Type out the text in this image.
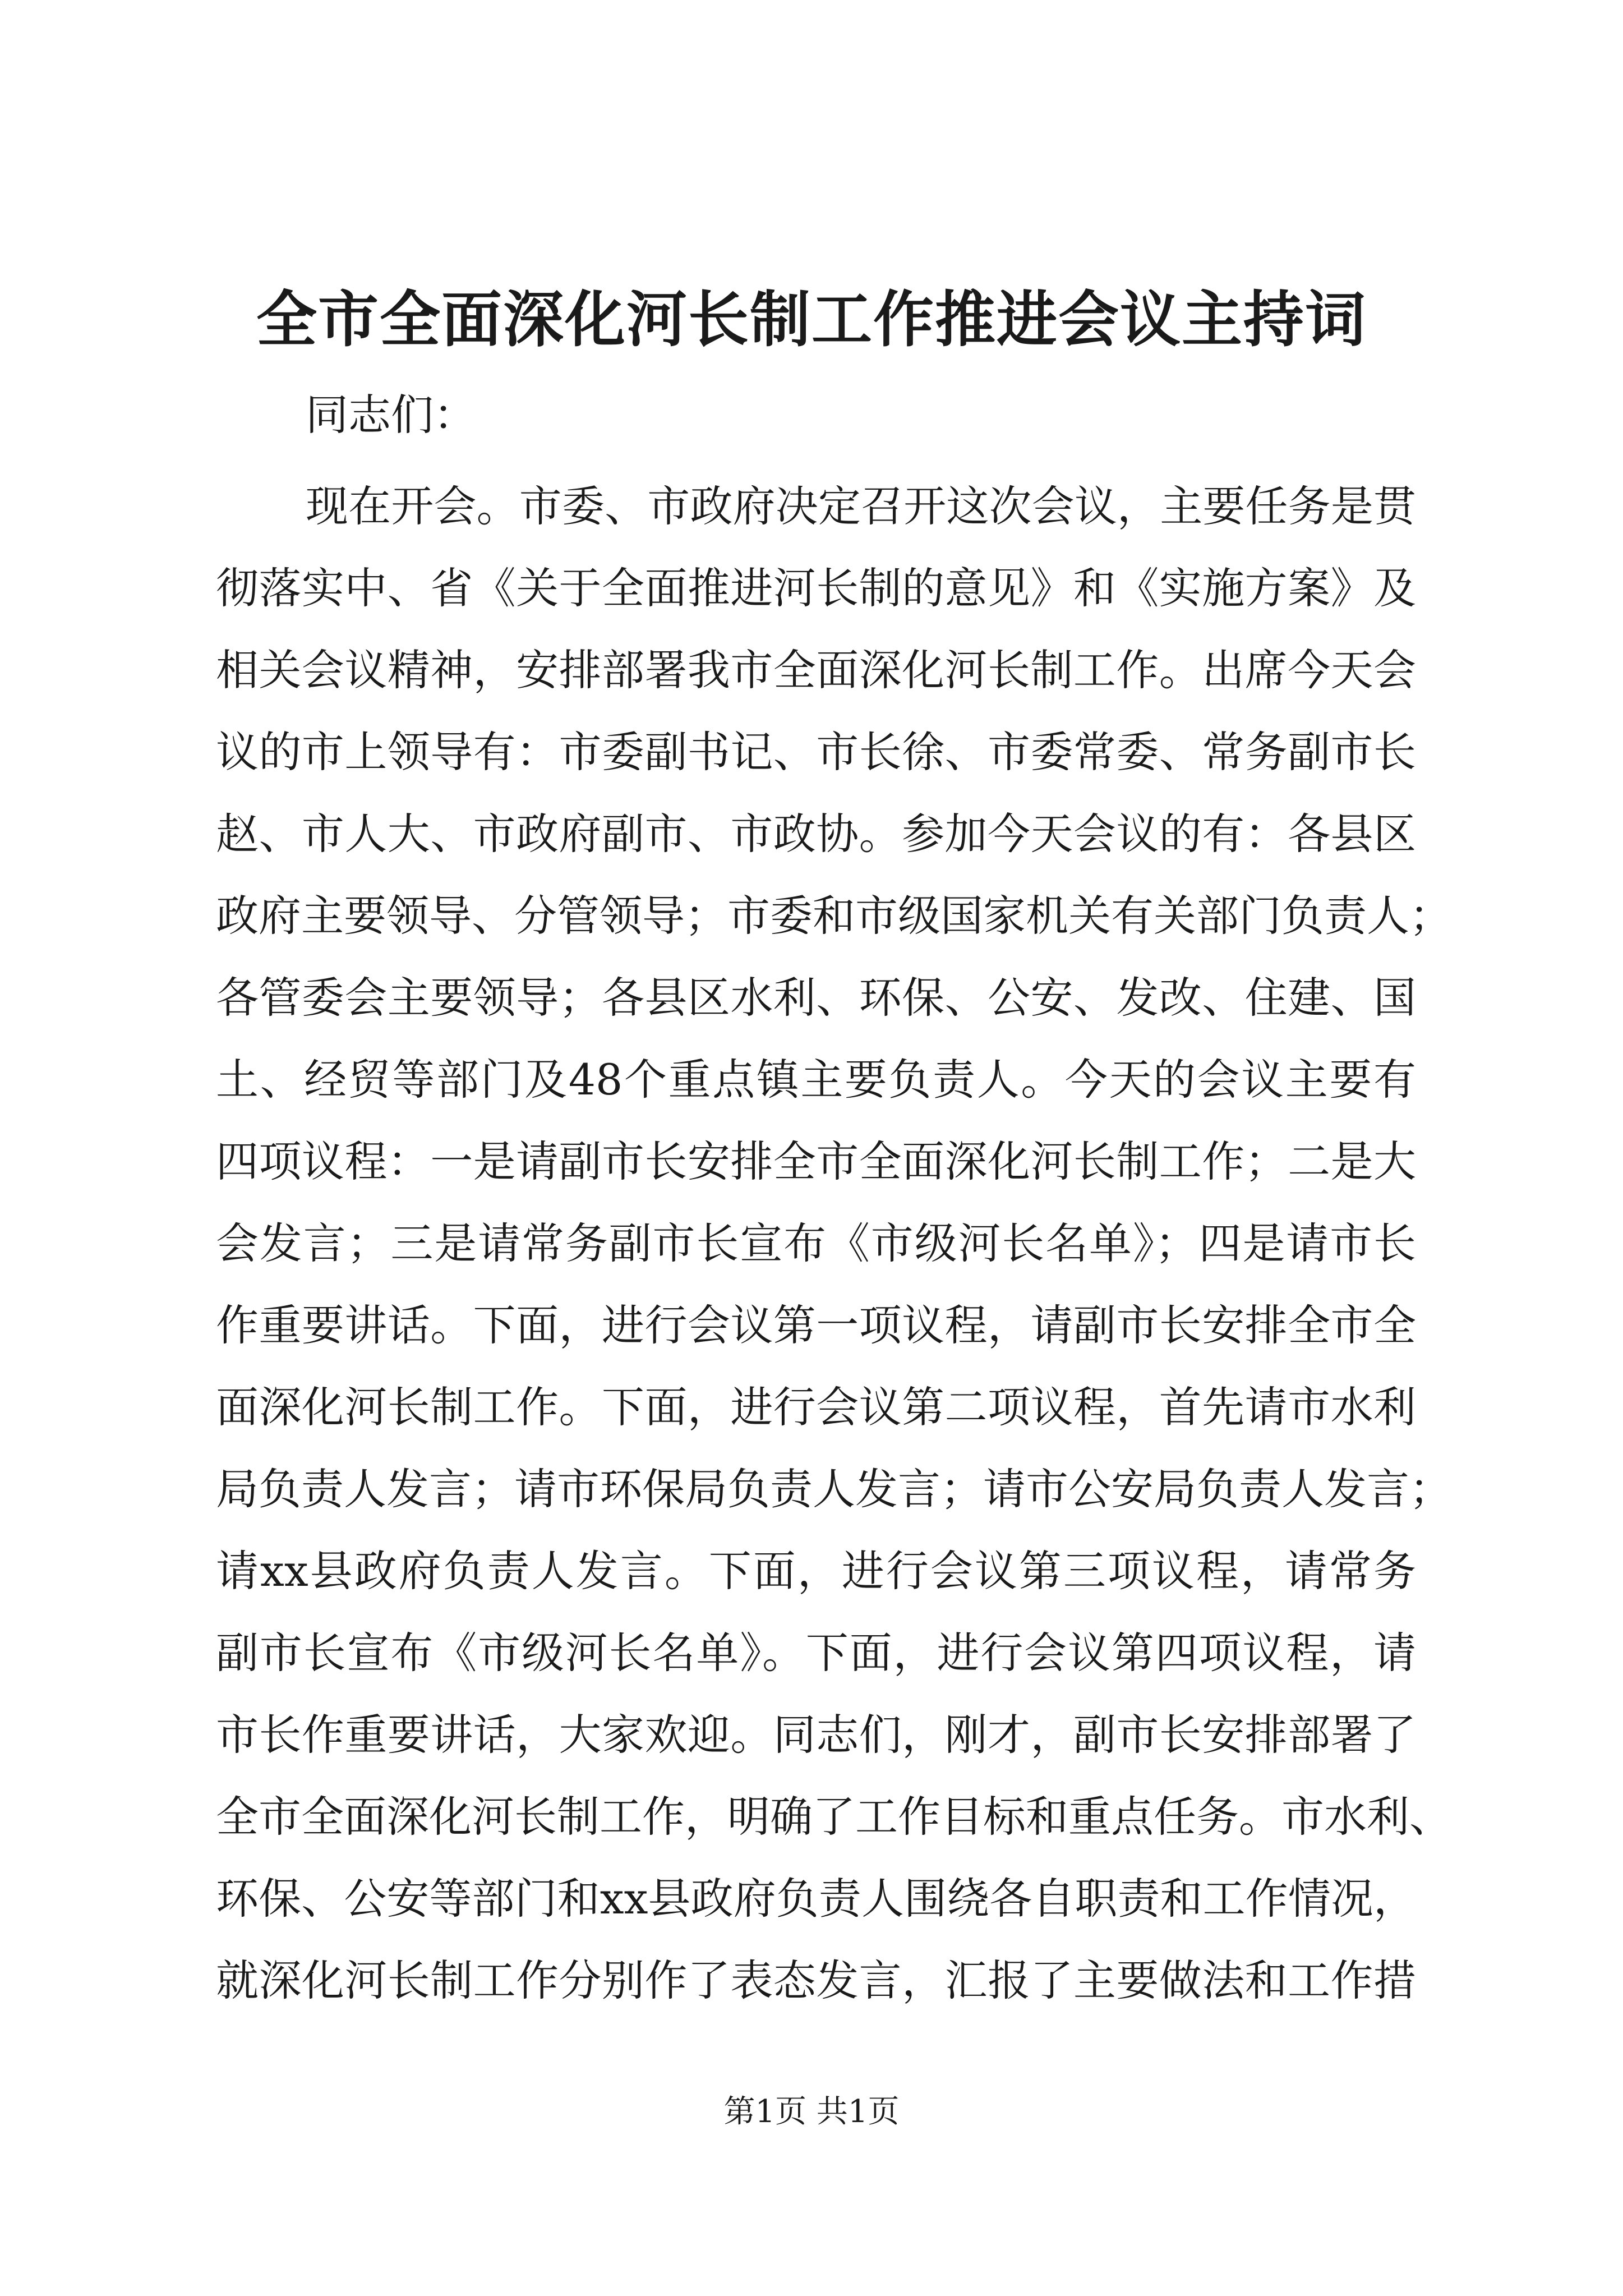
全市全面深化河长制工作推进会议主持词
同志们：
现在开会。市委、市政府决定召开这次会议，主要任务是贯
彻落实中、省《关于全面推进河长制的意见》和《实施方案》及
相关会议精神，安排部署我市全面深化河长制工作。出席今天会
议的市上领导有：市委副书记、市长徐、市委常委、常务副市长
赵、市人大、市政府副市、市政协。参加今天会议的有：各县区
政府主要领导、分管领导；市委和市级国家机关有关部门负责人；
各管委会主要领导；各县区水利、环保、公安、发改、住建、国
土、经贸等部门及48个重点镇主要负责人。今天的会议主要有
四项议程：一是请副市长安排全市全面深化河长制工作；二是大
会发言；三是请常务副市长宣布《市级河长名单》；四是请市长
作重要讲话。下面，进行会议第一项议程，请副市长安排全市全
面深化河长制工作。下面，进行会议第二项议程，首先请市水利
局负责人发言；请市环保局负责人发言；请市公安局负责人发言；
请xx县政府负责人发言。下面，进行会议第三项议程，请常务
副市长宣布《市级河长名单》。下面，进行会议第四项议程，请
市长作重要讲话，大家欢迎。同志们，刚才，副市长安排部署了
全市全面深化河长制工作，明确了工作目标和重点任务。市水利、
环保、公安等部门和xx县政府负责人围绕各自职责和工作情况，
就深化河长制工作分别作了表态发言，汇报了主要做法和工作措
第1页 共1页
